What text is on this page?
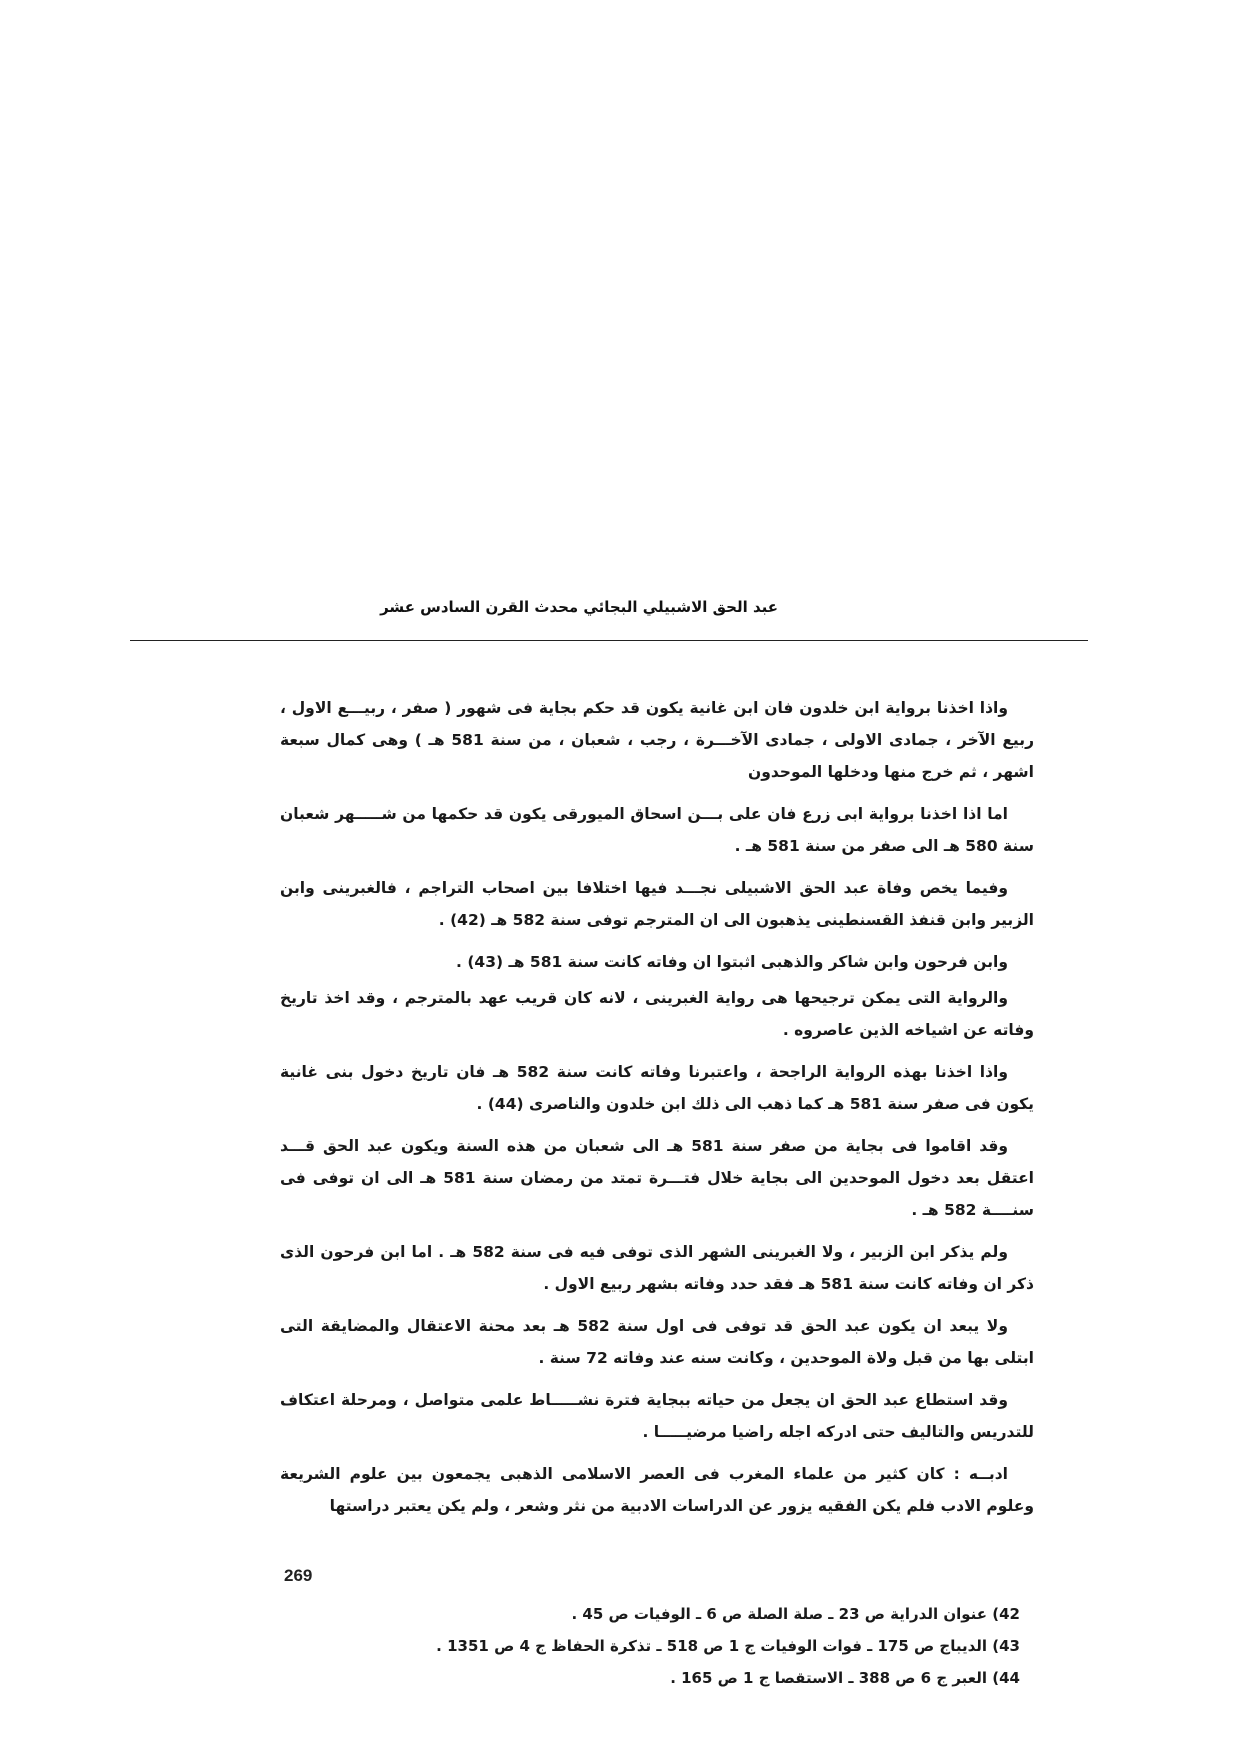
عبد الحق الاشبيلي البجائي محدث القرن السادس عشر

واذا اخذنا برواية ابن خلدون فان ابن غانية يكون قد حكم بجاية فى شهور ( صفر ، ربيـــع الاول ، ربيع الآخر ، جمادى الاولى ، جمادى الآخـــرة ، رجب ، شعبان ، من سنة 581 هـ ) وهى كمال سبعة اشهر ، ثم خرج منها ودخلها الموحدون

اما اذا اخذنا برواية ابى زرع فان على بـــن اسحاق الميورقى يكون قد حكمها من شـــــهر شعبان سنة 580 هـ الى صفر من سنة 581 هـ .

وفيما يخص وفاة عبد الحق الاشبيلى نجـــد فيها اختلافا بين اصحاب التراجم ، فالغبرينى وابن الزبير وابن قنفذ القسنطينى يذهبون الى ان المترجم توفى سنة 582 هـ (42) .

وابن فرحون وابن شاكر والذهبى اثبتوا ان وفاته كانت سنة 581 هـ (43) .

والرواية التى يمكن ترجيحها هى رواية الغبرينى ، لانه كان قريب عهد بالمترجم ، وقد اخذ تاريخ وفاته عن اشياخه الذين عاصروه .

واذا اخذنا بهذه الرواية الراجحة ، واعتبرنا وفاته كانت سنة 582 هـ فان تاريخ دخول بنى غانية يكون فى صفر سنة 581 هـ كما ذهب الى ذلك ابن خلدون والناصرى (44) .

وقد اقاموا فى بجاية من صفر سنة 581 هـ الى شعبان من هذه السنة ويكون عبد الحق قـــد اعتقل بعد دخول الموحدين الى بجاية خلال فتـــرة تمتد من رمضان سنة 581 هـ الى ان توفى فى سنــــة 582 هـ .

ولم يذكر ابن الزبير ، ولا الغبرينى الشهر الذى توفى فيه فى سنة 582 هـ . اما ابن فرحون الذى ذكر ان وفاته كانت سنة 581 هـ فقد حدد وفاته بشهر ربيع الاول .

ولا يبعد ان يكون عبد الحق قد توفى فى اول سنة 582 هـ بعد محنة الاعتقال والمضايقة التى ابتلى بها من قبل ولاة الموحدين ، وكانت سنه عند وفاته 72 سنة .

وقد استطاع عبد الحق ان يجعل من حياته ببجاية فترة نشـــــاط علمى متواصل ، ومرحلة اعتكاف للتدريس والتاليف حتى ادركه اجله راضيا مرضيـــــا .

ادبــه : كان كثير من علماء المغرب فى العصر الاسلامى الذهبى يجمعون بين علوم الشريعة وعلوم الادب فلم يكن الفقيه يزور عن الدراسات الادبية من نثر وشعر ، ولم يكن يعتبر دراستها

42) عنوان الدراية ص 23 ـ صلة الصلة ص 6 ـ الوفيات ص 45 .

43) الديباج ص 175 ـ فوات الوفيات ج 1 ص 518 ـ تذكرة الحفاظ ج 4 ص 1351 .

44) العبر ج 6 ص 388 ـ الاستقصا ج 1 ص 165 .

269
